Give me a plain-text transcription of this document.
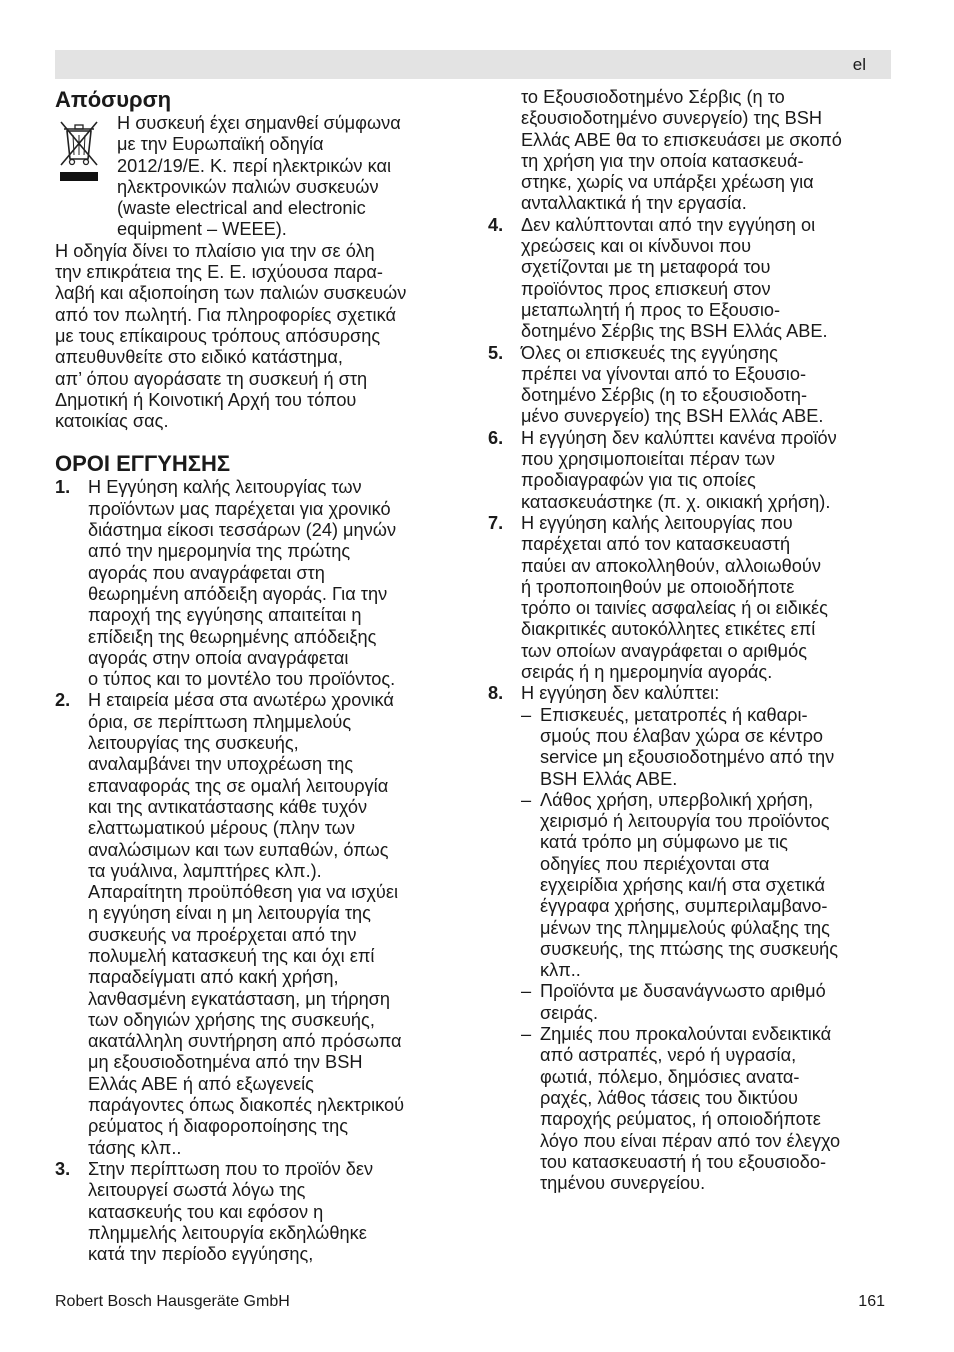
el
Απόσυρση
Η συσκευή έχει σημανθεί σύμφωνα
με την Ευρωπαϊκή οδηγία
2012/19/Ε. Κ. περί ηλεκτρικών και
ηλεκτρονικών παλιών συσκευών
(waste electrical and electronic
equipment – WEEE).
Η οδηγία δίνει το πλαίσιο για την σε όλη
την επικράτεια της Ε. Ε. ισχύουσα παρα-
λαβή και αξιοποίηση των παλιών συσκευών
από τον πωλητή. Για πληροφορίες σχετικά
με τους επίκαιρους τρόπους απόσυρσης
απευθυνθείτε στο ειδικό κατάστημα,
απ’ όπου αγοράσατε τη συσκευή ή στη
Δημοτική ή Κοινοτική Αρχή του τόπου
κατοικίας σας.
ΟΡΟΙ ΕΓΓΥΗΣΗΣ
1. Η Εγγύηση καλής λειτουργίας των
προϊόντων μας παρέχεται για χρονικό
διάστημα είκοσι τεσσάρων (24) μηνών
από την ημερομηνία της πρώτης
αγοράς που αναγράφεται στη
θεωρημένη απόδειξη αγοράς. Για την
παροχή της εγγύησης απαιτείται η
επίδειξη της θεωρημένης απόδειξης
αγοράς στην οποία αναγράφεται
ο τύπος και το μοντέλο του προϊόντος.
2. Η εταιρεία μέσα στα ανωτέρω χρονικά
όρια, σε περίπτωση πλημμελούς
λειτουργίας της συσκευής,
αναλαμβάνει την υποχρέωση της
επαναφοράς της σε ομαλή λειτουργία
και της αντικατάστασης κάθε τυχόν
ελαττωματικού μέρους (πλην των
αναλώσιμων και των ευπαθών, όπως
τα γυάλινα, λαμπτήρες κλπ.).
Απαραίτητη προϋπόθεση για να ισχύει
η εγγύηση είναι η μη λειτουργία της
συσκευής να προέρχεται από την
πολυμελή κατασκευή της και όχι επί
παραδείγματι από κακή χρήση,
λανθασμένη εγκατάσταση, μη τήρηση
των οδηγιών χρήσης της συσκευής,
ακατάλληλη συντήρηση από πρόσωπα
μη εξουσιοδοτημένα από την BSH
Ελλάς ΑΒΕ ή από εξωγενείς
παράγοντες όπως διακοπές ηλεκτρικού
ρεύματος ή διαφοροποίησης της
τάσης κλπ..
3. Στην περίπτωση που το προϊόν δεν
λειτουργεί σωστά λόγω της
κατασκευής του και εφόσον η
πλημμελής λειτουργία εκδηλώθηκε
κατά την περίοδο εγγύησης,
το Εξουσιοδοτημένο Σέρβις (η το
εξουσιοδοτημένο συνεργείο) της BSH
Ελλάς ΑΒΕ θα το επισκευάσει με σκοπό
τη χρήση για την οποία κατασκευά-
στηκε, χωρίς να υπάρξει χρέωση για
ανταλλακτικά ή την εργασία.
4. Δεν καλύπτονται από την εγγύηση οι
χρεώσεις και οι κίνδυνοι που
σχετίζονται με τη μεταφορά του
προϊόντος προς επισκευή στον
μεταπωλητή ή προς το Εξουσιο-
δοτημένο Σέρβις της BSH Ελλάς ΑΒΕ.
5. Όλες οι επισκευές της εγγύησης
πρέπει να γίνονται από το Εξουσιο-
δοτημένο Σέρβις (η το εξουσιοδοτη-
μένο συνεργείο) της BSH Ελλάς ΑΒΕ.
6. Η εγγύηση δεν καλύπτει κανένα προϊόν
που χρησιμοποιείται πέραν των
προδιαγραφών για τις οποίες
κατασκευάστηκε (π. χ. οικιακή χρήση).
7. Η εγγύηση καλής λειτουργίας που
παρέχεται από τον κατασκευαστή
παύει αν αποκολληθούν, αλλοιωθούν
ή τροποποιηθούν με οποιοδήποτε
τρόπο οι ταινίες ασφαλείας ή οι ειδικές
διακριτικές αυτοκόλλητες ετικέτες επί
των οποίων αναγράφεται ο αριθμός
σειράς ή η ημερομηνία αγοράς.
8. Η εγγύηση δεν καλύπτει:
– Επισκευές, μετατροπές ή καθαρι-
σμούς που έλαβαν χώρα σε κέντρο
service μη εξουσιοδοτημένο από την
BSH Ελλάς ΑΒΕ.
– Λάθος χρήση, υπερβολική χρήση,
χειρισμό ή λειτουργία του προϊόντος
κατά τρόπο μη σύμφωνο με τις
οδηγίες που περιέχονται στα
εγχειρίδια χρήσης και/ή στα σχετικά
έγγραφα χρήσης, συμπεριλαμβανο-
μένων της πλημμελούς φύλαξης της
συσκευής, της πτώσης της συσκευής
κλπ..
– Προϊόντα με δυσανάγνωστο αριθμό
σειράς.
– Ζημιές που προκαλούνται ενδεικτικά
από αστραπές, νερό ή υγρασία,
φωτιά, πόλεμο, δημόσιες ανατα-
ραχές, λάθος τάσεις του δικτύου
παροχής ρεύματος, ή οποιοδήποτε
λόγο που είναι πέραν από τον έλεγχο
του κατασκευαστή ή του εξουσιοδο-
τημένου συνεργείου.
Robert Bosch Hausgeräte GmbH	161
